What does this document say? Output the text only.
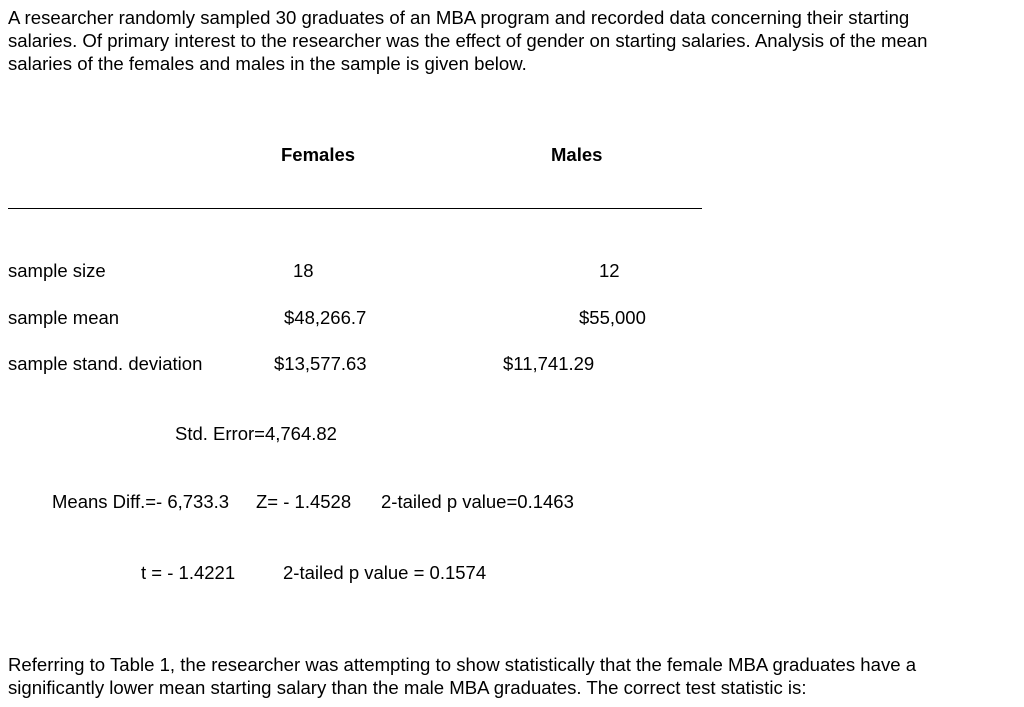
A researcher randomly sampled 30 graduates of an MBA program and recorded data concerning their starting
salaries. Of primary interest to the researcher was the effect of gender on starting salaries. Analysis of the mean
salaries of the females and males in the sample is given below.
Females	Males
sample size	18	12
sample mean	$48,266.7	$55,000
sample stand. deviation	$13,577.63	$11,741.29
Std. Error=4,764.82
Means Diff.=- 6,733.3 Z= - 1.4528 2-tailed p value=0.1463
t = - 1.4221	2-tailed p value = 0.1574
Referring to Table 1, the researcher was attempting to show statistically that the female MBA graduates have a
significantly lower mean starting salary than the male MBA graduates. The correct test statistic is:
